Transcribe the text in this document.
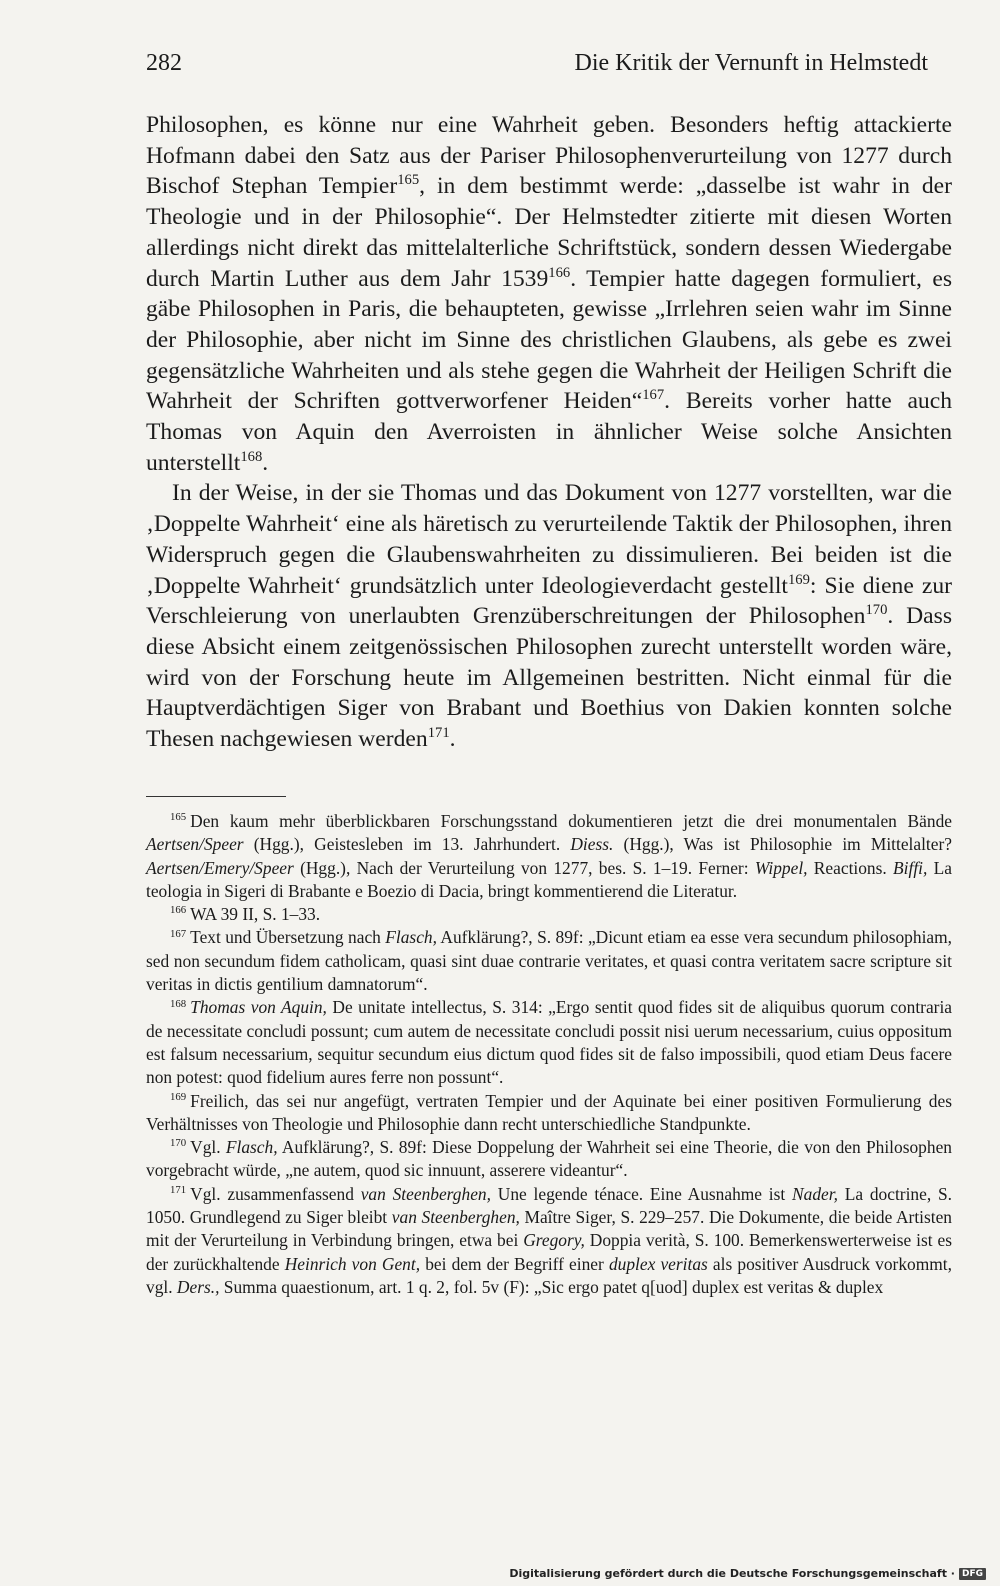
282	Die Kritik der Vernunft in Helmstedt

Philosophen, es könne nur eine Wahrheit geben. Besonders heftig attackierte Hofmann dabei den Satz aus der Pariser Philosophenverurteilung von 1277 durch Bischof Stephan Tempier$^{165}$, in dem bestimmt werde: „dasselbe ist wahr in der Theologie und in der Philosophie“. Der Helmstedter zitierte mit diesen Worten allerdings nicht direkt das mittelalterliche Schriftstück, sondern dessen Wiedergabe durch Martin Luther aus dem Jahr 1539$^{166}$. Tempier hatte dagegen formuliert, es gäbe Philosophen in Paris, die behaupteten, gewisse „Irrlehren seien wahr im Sinne der Philosophie, aber nicht im Sinne des christlichen Glaubens, als gebe es zwei gegensätzliche Wahrheiten und als stehe gegen die Wahrheit der Heiligen Schrift die Wahrheit der Schriften gottverworfener Heiden“$^{167}$. Bereits vorher hatte auch Thomas von Aquin den Averroisten in ähnlicher Weise solche Ansichten unterstellt$^{168}$.

In der Weise, in der sie Thomas und das Dokument von 1277 vorstellten, war die ‚Doppelte Wahrheit‘ eine als häretisch zu verurteilende Taktik der Philosophen, ihren Widerspruch gegen die Glaubenswahrheiten zu dissimulieren. Bei beiden ist die ‚Doppelte Wahrheit‘ grundsätzlich unter Ideologieverdacht gestellt$^{169}$: Sie diene zur Verschleierung von unerlaubten Grenzüberschreitungen der Philosophen$^{170}$. Dass diese Absicht einem zeitgenössischen Philosophen zurecht unterstellt worden wäre, wird von der Forschung heute im Allgemeinen bestritten. Nicht einmal für die Hauptverdächtigen Siger von Brabant und Boethius von Dakien konnten solche Thesen nachgewiesen werden$^{171}$.

$^{165}$ Den kaum mehr überblickbaren Forschungsstand dokumentieren jetzt die drei monumentalen Bände Aertsen/Speer (Hgg.), Geistesleben im 13. Jahrhundert. Diess. (Hgg.), Was ist Philosophie im Mittelalter? Aertsen/Emery/Speer (Hgg.), Nach der Verurteilung von 1277, bes. S. 1–19. Ferner: Wippel, Reactions. Biffi, La teologia in Sigeri di Brabante e Boezio di Dacia, bringt kommentierend die Literatur.

$^{166}$ WA 39 II, S. 1–33.

$^{167}$ Text und Übersetzung nach Flasch, Aufklärung?, S. 89f: „Dicunt etiam ea esse vera secundum philosophiam, sed non secundum fidem catholicam, quasi sint duae contrarie veritates, et quasi contra veritatem sacre scripture sit veritas in dictis gentilium damnatorum“.

$^{168}$ Thomas von Aquin, De unitate intellectus, S. 314: „Ergo sentit quod fides sit de aliquibus quorum contraria de necessitate concludi possunt; cum autem de necessitate concludi possit nisi uerum necessarium, cuius oppositum est falsum necessarium, sequitur secundum eius dictum quod fides sit de falso impossibili, quod etiam Deus facere non potest: quod fidelium aures ferre non possunt“.

$^{169}$ Freilich, das sei nur angefügt, vertraten Tempier und der Aquinate bei einer positiven Formulierung des Verhältnisses von Theologie und Philosophie dann recht unterschiedliche Standpunkte.

$^{170}$ Vgl. Flasch, Aufklärung?, S. 89f: Diese Doppelung der Wahrheit sei eine Theorie, die von den Philosophen vorgebracht würde, „ne autem, quod sic innuunt, asserere videantur“.

$^{171}$ Vgl. zusammenfassend van Steenberghen, Une legende ténace. Eine Ausnahme ist Nader, La doctrine, S. 1050. Grundlegend zu Siger bleibt van Steenberghen, Maître Siger, S. 229–257. Die Dokumente, die beide Artisten mit der Verurteilung in Verbindung bringen, etwa bei Gregory, Doppia verità, S. 100. Bemerkenswerterweise ist es der zurückhaltende Heinrich von Gent, bei dem der Begriff einer duplex veritas als positiver Ausdruck vorkommt, vgl. Ders., Summa quaestionum, art. 1 q. 2, fol. 5v (F): „Sic ergo patet q[uod] duplex est veritas & duplex

Digitalisierung gefördert durch die Deutsche Forschungsgemeinschaft · DFG
